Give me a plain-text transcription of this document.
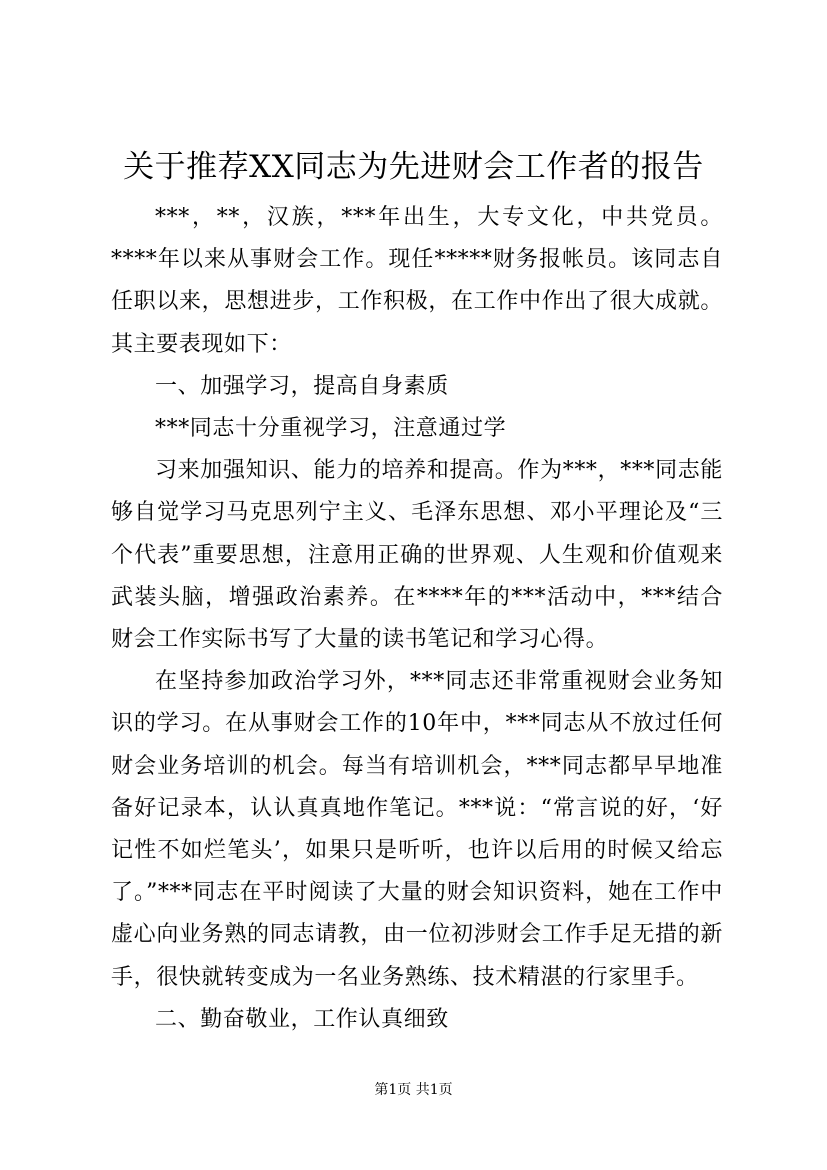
关于推荐XX同志为先进财会工作者的报告

***，**，汉族，***年出生，大专文化，中共党员。****年以来从事财会工作。现任*****财务报帐员。该同志自任职以来，思想进步，工作积极，在工作中作出了很大成就。其主要表现如下：

一、加强学习，提高自身素质

***同志十分重视学习，注意通过学

习来加强知识、能力的培养和提高。作为***，***同志能够自觉学习马克思列宁主义、毛泽东思想、邓小平理论及“三个代表”重要思想，注意用正确的世界观、人生观和价值观来武装头脑，增强政治素养。在****年的***活动中，***结合财会工作实际书写了大量的读书笔记和学习心得。

在坚持参加政治学习外，***同志还非常重视财会业务知识的学习。在从事财会工作的10年中，***同志从不放过任何财会业务培训的机会。每当有培训机会，***同志都早早地准备好记录本，认认真真地作笔记。***说：“常言说的好，‘好记性不如烂笔头’，如果只是听听，也许以后用的时候又给忘了。”***同志在平时阅读了大量的财会知识资料，她在工作中虚心向业务熟的同志请教，由一位初涉财会工作手足无措的新手，很快就转变成为一名业务熟练、技术精湛的行家里手。

二、勤奋敬业，工作认真细致

第1页 共1页
